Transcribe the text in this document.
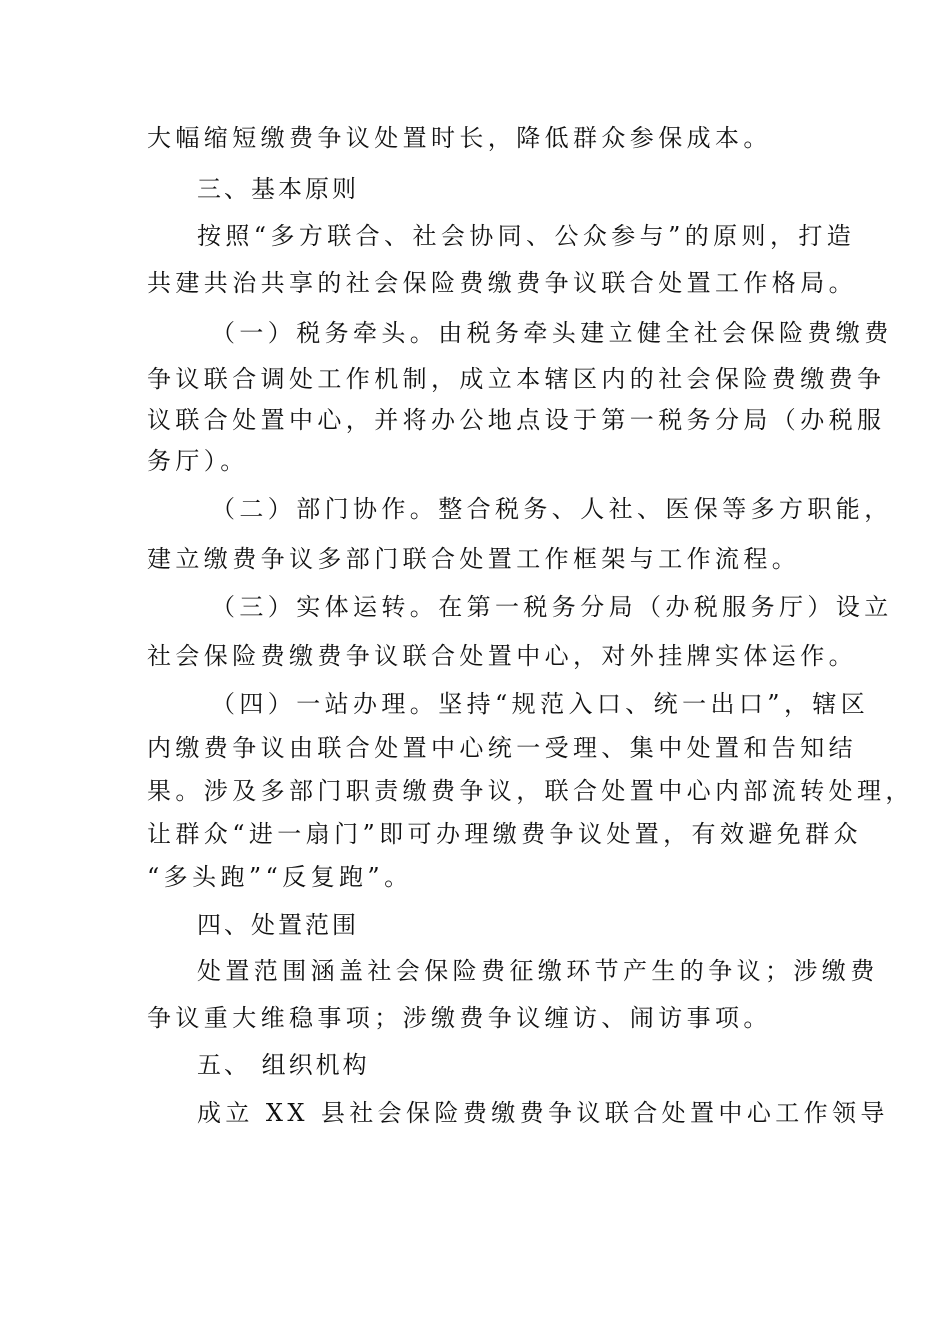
大幅缩短缴费争议处置时长，降低群众参保成本。
三、基本原则
按照“多方联合、社会协同、公众参与”的原则，打造
共建共治共享的社会保险费缴费争议联合处置工作格局。
（一）税务牵头。由税务牵头建立健全社会保险费缴费
争议联合调处工作机制，成立本辖区内的社会保险费缴费争
议联合处置中心，并将办公地点设于第一税务分局（办税服
务厅）。
（二）部门协作。整合税务、人社、医保等多方职能，
建立缴费争议多部门联合处置工作框架与工作流程。
（三）实体运转。在第一税务分局（办税服务厅）设立
社会保险费缴费争议联合处置中心，对外挂牌实体运作。
（四）一站办理。坚持“规范入口、统一出口”，辖区
内缴费争议由联合处置中心统一受理、集中处置和告知结
果。涉及多部门职责缴费争议，联合处置中心内部流转处理，
让群众“进一扇门”即可办理缴费争议处置，有效避免群众
“多头跑”“反复跑”。
四、处置范围
处置范围涵盖社会保险费征缴环节产生的争议；涉缴费
争议重大维稳事项；涉缴费争议缠访、闹访事项。
五、 组织机构
成立 XX 县社会保险费缴费争议联合处置中心工作领导
